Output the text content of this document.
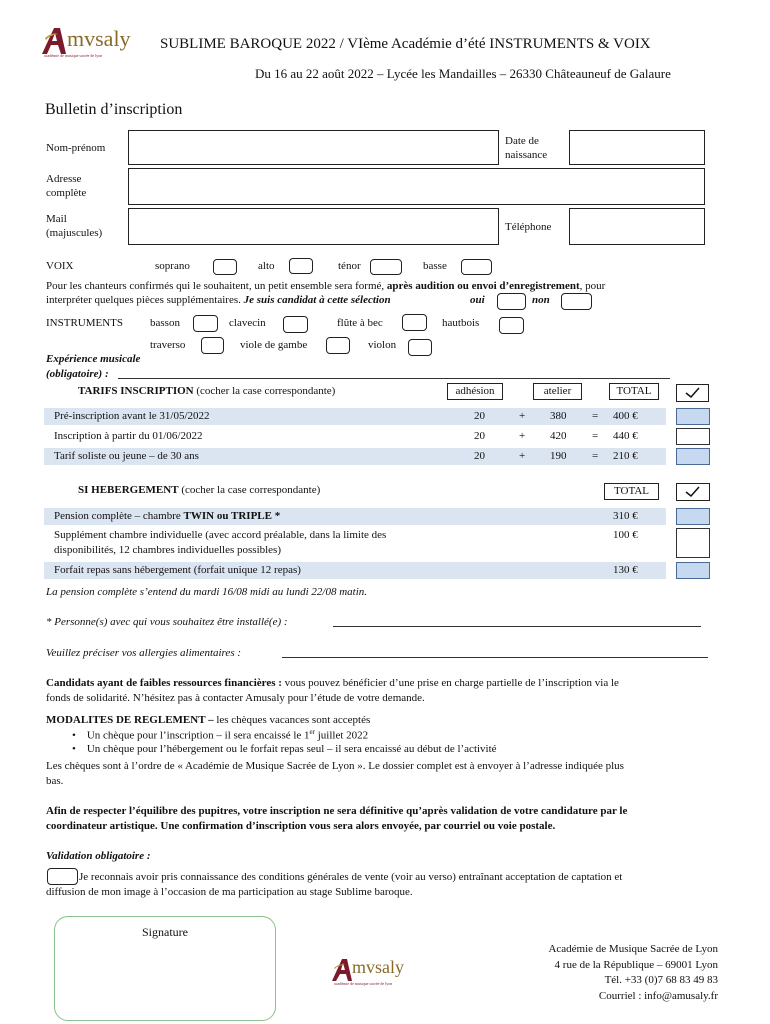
mvsaly
académie de musique sacrée de lyon
SUBLIME BAROQUE 2022 / VIème Académie d’été INSTRUMENTS & VOIX
Du 16 au 22 août 2022 – Lycée les Mandailles – 26330 Châteauneuf de Galaure
Bulletin d’inscription
Nom-prénom
Date de
naissance
Adresse
complète
Mail
(majuscules)	Téléphone
VOIX	soprano	alto	ténor	basse
Pour les chanteurs confirmés qui le souhaitent, un petit ensemble sera formé, après audition ou envoi d’enregistrement, pour
interpréter quelques pièces supplémentaires. Je suis candidat à cette sélection	oui	non
INSTRUMENTS basson	clavecin	flûte à bec	hautbois
traverso	viole de gambe	violon
Expérience musicale
(obligatoire) :
TARIFS INSCRIPTION (cocher la case correspondante)	adhésion	atelier	TOTAL
Pré-inscription avant le 31/05/2022	20	+ 380 = 400 €
Inscription à partir du 01/06/2022	20	+ 420 = 440 €
Tarif soliste ou jeune – de 30 ans	20	+ 190 = 210 €
SI HEBERGEMENT (cocher la case correspondante)	TOTAL
Pension complète – chambre TWIN ou TRIPLE *	310 €
Supplément chambre individuelle (avec accord préalable, dans la limite des
disponibilités, 12 chambres individuelles possibles)
100 €
Forfait repas sans hébergement (forfait unique 12 repas)	130 €
La pension complète s’entend du mardi 16/08 midi au lundi 22/08 matin.
* Personne(s) avec qui vous souhaitez être installé(e) :
Veuillez préciser vos allergies alimentaires :
Candidats ayant de faibles ressources financières : vous pouvez bénéficier d’une prise en charge partielle de l’inscription via le
fonds de solidarité. N’hésitez pas à contacter Amusaly pour l’étude de votre demande.
MODALITES DE REGLEMENT – les chèques vacances sont acceptés
•    Un chèque pour l’inscription – il sera encaissé le 1er juillet 2022
•    Un chèque pour l’hébergement ou le forfait repas seul – il sera encaissé au début de l’activité
Les chèques sont à l’ordre de « Académie de Musique Sacrée de Lyon ». Le dossier complet est à envoyer à l’adresse indiquée plus
bas.
Afin de respecter l’équilibre des pupitres, votre inscription ne sera définitive qu’après validation de votre candidature par le
coordinateur artistique. Une confirmation d’inscription vous sera alors envoyée, par courriel ou voie postale.
Validation obligatoire :
Je reconnais avoir pris connaissance des conditions générales de vente (voir au verso) entraînant acceptation de captation et
diffusion de mon image à l’occasion de ma participation au stage Sublime baroque.
Signature
mvsaly
académie de musique sacrée de lyon
Académie de Musique Sacrée de Lyon
4 rue de la République – 69001 Lyon
Tél. +33 (0)7 68 83 49 83
Courriel : info@amusaly.fr
